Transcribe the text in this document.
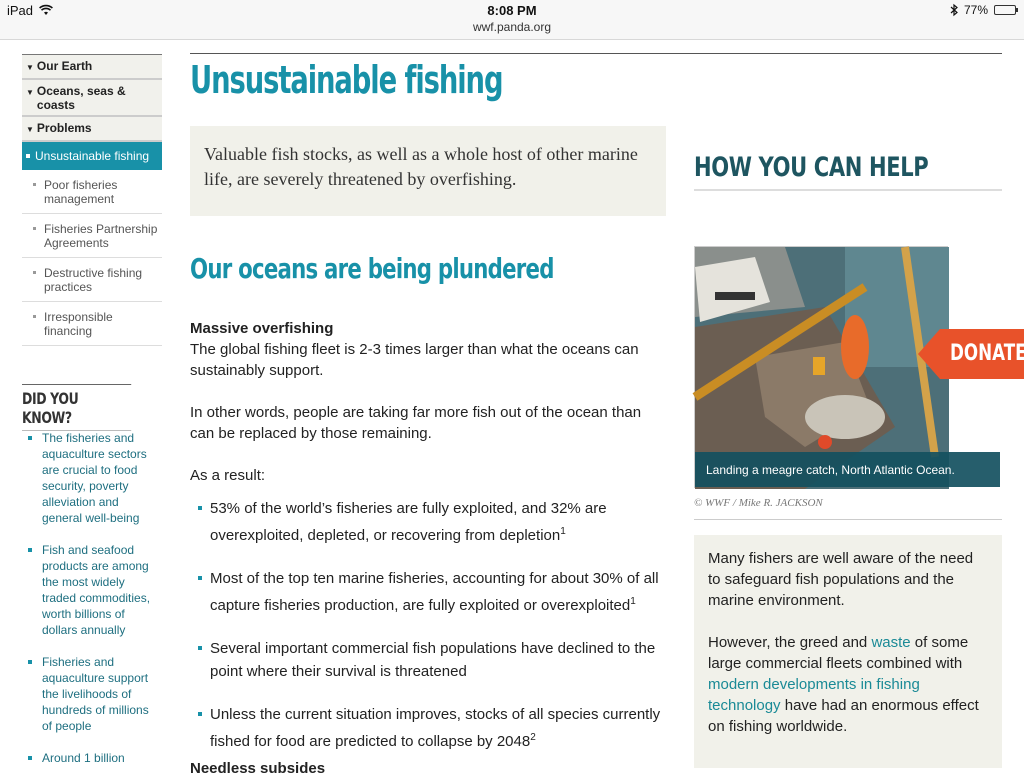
iPad	8:08 PM
wwf.panda.org
77%
▼ Our Earth
▼ Oceans, seas & coasts
▼ Problems
Unsustainable fishing
Poor fisheries management
Fisheries Partnership Agreements
Destructive fishing practices
Irresponsible financing
DID YOU KNOW?
The fisheries and aquaculture sectors are crucial to food security, poverty alleviation and general well-being
Fish and seafood products are among the most widely traded commodities, worth billions of dollars annually
Fisheries and aquaculture support the livelihoods of hundreds of millions of people
Around 1 billion
Unsustainable fishing
Valuable fish stocks, as well as a whole host of other marine life, are severely threatened by overfishing.
Our oceans are being plundered
Massive overfishing

The global fishing fleet is 2-3 times larger than what the oceans can sustainably support.

In other words, people are taking far more fish out of the ocean than can be replaced by those remaining.

As a result:

53% of the world’s fisheries are fully exploited, and 32% are overexploited, depleted, or recovering from depletion$^1$
Most of the top ten marine fisheries, accounting for about 30% of all capture fisheries production, are fully exploited or overexploited$^1$
Several important commercial fish populations have declined to the point where their survival is threatened
Unless the current situation improves, stocks of all species currently fished for food are predicted to collapse by 2048$^2$
Needless subsides
HOW YOU CAN HELP
Landing a meagre catch, North Atlantic Ocean.
© WWF / Mike R. JACKSON
DONATE

Many fishers are well aware of the need to safeguard fish populations and the marine environment.

However, the greed and waste of some large commercial fleets combined with modern developments in fishing technology have had an enormous effect on fishing worldwide.
